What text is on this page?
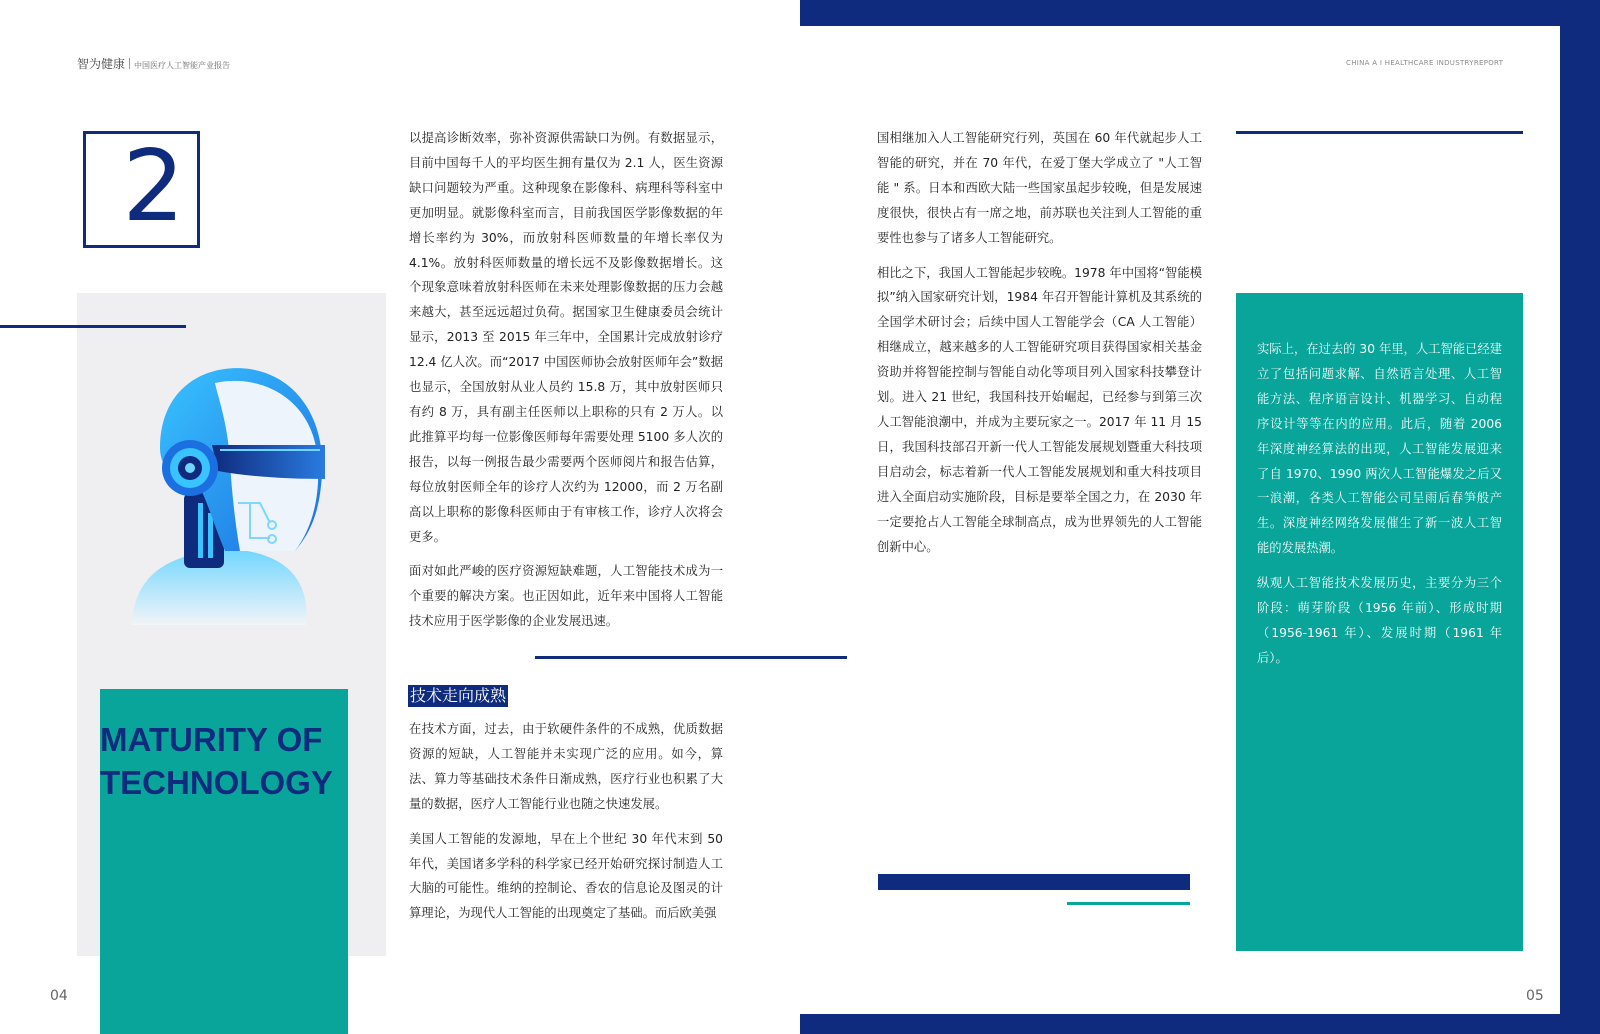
智为健康 中国医疗人工智能产业报告	CHINA A I HEALTHCARE INDUSTRYREPORT
2
MATURITY OF
TECHNOLOGY

以提高诊断效率，弥补资源供需缺口为例。有数据显示，目前中国每千人的平均医生拥有量仅为 2.1 人，医生资源缺口问题较为严重。这种现象在影像科、病理科等科室中更加明显。就影像科室而言，目前我国医学影像数据的年增长率约为 30%，而放射科医师数量的年增长率仅为 4.1%。放射科医师数量的增长远不及影像数据增长。这个现象意味着放射科医师在未来处理影像数据的压力会越来越大，甚至远远超过负荷。据国家卫生健康委员会统计显示，2013 至 2015 年三年中，全国累计完成放射诊疗 12.4 亿人次。而“2017 中国医师协会放射医师年会”数据也显示，全国放射从业人员约 15.8 万，其中放射医师只有约 8 万，具有副主任医师以上职称的只有 2 万人。以此推算平均每一位影像医师每年需要处理 5100 多人次的报告，以每一例报告最少需要两个医师阅片和报告估算，每位放射医师全年的诊疗人次约为 12000，而 2 万名副高以上职称的影像科医师由于有审核工作，诊疗人次将会更多。

面对如此严峻的医疗资源短缺难题，人工智能技术成为一个重要的解决方案。也正因如此，近年来中国将人工智能技术应用于医学影像的企业发展迅速。

技术走向成熟

在技术方面，过去，由于软硬件条件的不成熟，优质数据资源的短缺，人工智能并未实现广泛的应用。如今，算法、算力等基础技术条件日渐成熟，医疗行业也积累了大量的数据，医疗人工智能行业也随之快速发展。

美国人工智能的发源地，早在上个世纪 30 年代末到 50 年代，美国诸多学科的科学家已经开始研究探讨制造人工大脑的可能性。维纳的控制论、香农的信息论及图灵的计算理论，为现代人工智能的出现奠定了基础。而后欧美强

国相继加入人工智能研究行列，英国在 60 年代就起步人工智能的研究，并在 70 年代，在爱丁堡大学成立了 "人工智能 " 系。日本和西欧大陆一些国家虽起步较晚，但是发展速度很快，很快占有一席之地，前苏联也关注到人工智能的重要性也参与了诸多人工智能研究。

相比之下，我国人工智能起步较晚。1978 年中国将“智能模拟”纳入国家研究计划，1984 年召开智能计算机及其系统的全国学术研讨会；后续中国人工智能学会（CA 人工智能）相继成立，越来越多的人工智能研究项目获得国家相关基金资助并将智能控制与智能自动化等项目列入国家科技攀登计划。进入 21 世纪，我国科技开始崛起，已经参与到第三次人工智能浪潮中，并成为主要玩家之一。2017 年 11 月 15 日，我国科技部召开新一代人工智能发展规划暨重大科技项目启动会，标志着新一代人工智能发展规划和重大科技项目进入全面启动实施阶段，目标是要举全国之力，在 2030 年一定要抢占人工智能全球制高点，成为世界领先的人工智能创新中心。

实际上，在过去的 30 年里，人工智能已经建立了包括问题求解、自然语言处理、人工智能方法、程序语言设计、机器学习、自动程序设计等等在内的应用。此后，随着 2006 年深度神经算法的出现，人工智能发展迎来了自 1970、1990 两次人工智能爆发之后又一浪潮，各类人工智能公司呈雨后春笋般产生。深度神经网络发展催生了新一波人工智能的发展热潮。

纵观人工智能技术发展历史，主要分为三个阶段：萌芽阶段（1956 年前）、形成时期（1956-1961 年）、发展时期（1961 年后）。

04	05
